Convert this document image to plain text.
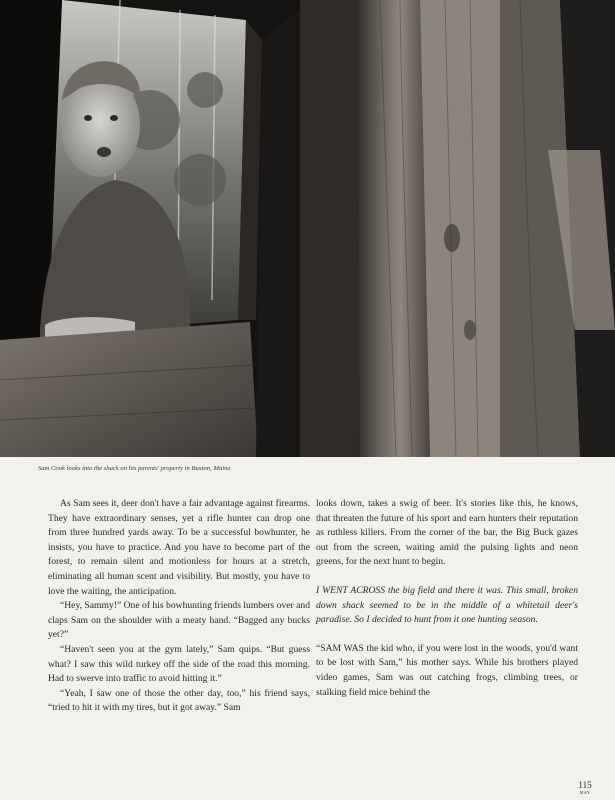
Sam Cook looks into the shack on his parents' property in Buxton, Maine.

As Sam sees it, deer don't have a fair advantage against firearms. They have extraordinary senses, yet a rifle hunter can drop one from three hundred yards away. To be a successful bowhunter, he insists, you have to practice. And you have to become part of the forest, to remain silent and motionless for hours at a stretch, eliminating all human scent and visibility. But mostly, you have to love the waiting, the anticipation.

“Hey, Sammy!” One of his bowhunting friends lumbers over and claps Sam on the shoulder with a meaty hand. “Bagged any bucks yet?”

“Haven't seen you at the gym lately,” Sam quips. “But guess what? I saw this wild turkey off the side of the road this morning. Had to swerve into traffic to avoid hitting it.”

“Yeah, I saw one of those the other day, too,” his friend says, “tried to hit it with my tires, but it got away.” Sam

looks down, takes a swig of beer. It's stories like this, he knows, that threaten the future of his sport and earn hunters their reputation as ruthless killers. From the corner of the bar, the Big Buck gazes out from the screen, waiting amid the pulsing lights and neon greens, for the next hunt to begin.

I WENT ACROSS the big field and there it was. This small, broken down shack seemed to be in the middle of a whitetail deer's paradise. So I decided to hunt from it one hunting season.

“SAM WAS the kid who, if you were lost in the woods, you'd want to be lost with Sam,” his mother says. While his brothers played video games, Sam was out catching frogs, climbing trees, or stalking field mice behind the

115
MAY
